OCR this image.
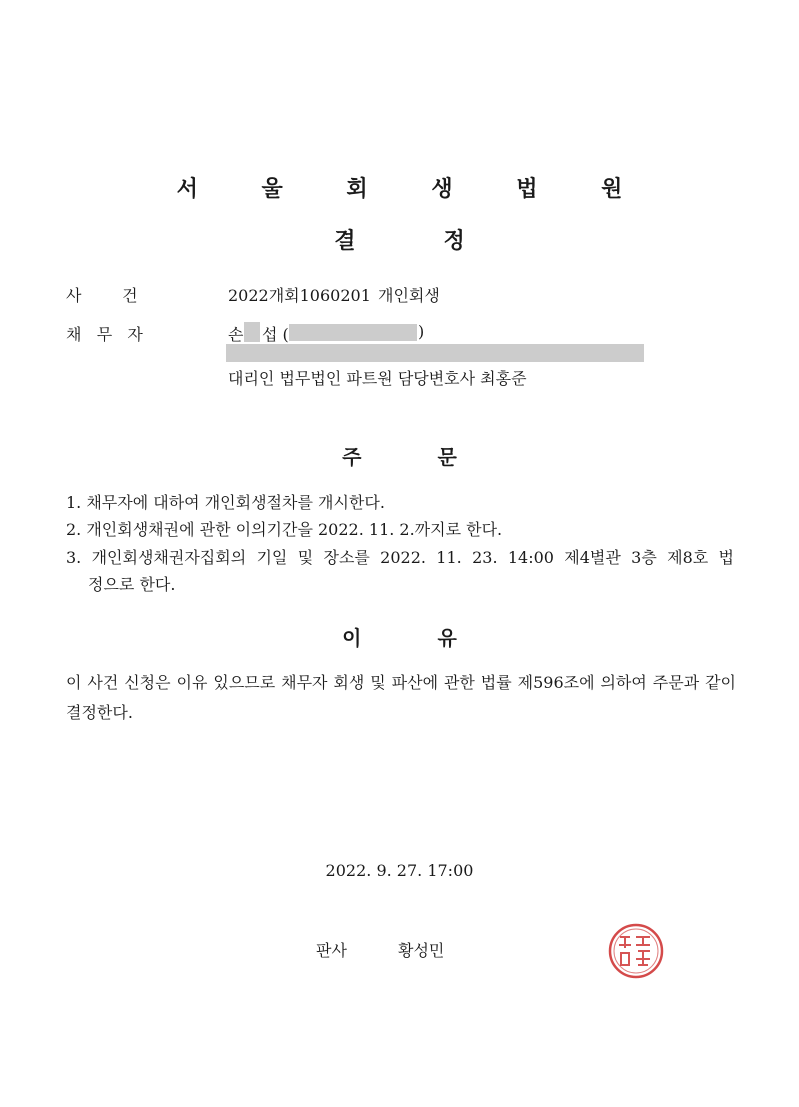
서 울 회 생 법 원
결	정
사        건	2022개회1060201 개인회생
채   무   자	손 섭 (	)
대리인 법무법인 파트원 담당변호사 최홍준
주	문
1. 채무자에 대하여 개인회생절차를 개시한다.
2. 개인회생채권에 관한 이의기간을 2022. 11. 2.까지로 한다.
3. 개인회생채권자집회의 기일 및 장소를 2022. 11. 23. 14:00 제4별관 3층 제8호 법
정으로 한다.
이	유
이 사건 신청은 이유 있으므로 채무자 회생 및 파산에 관한 법률 제596조에 의하여 주문과 같이 결정한다.
2022. 9. 27. 17:00
판사	황성민
